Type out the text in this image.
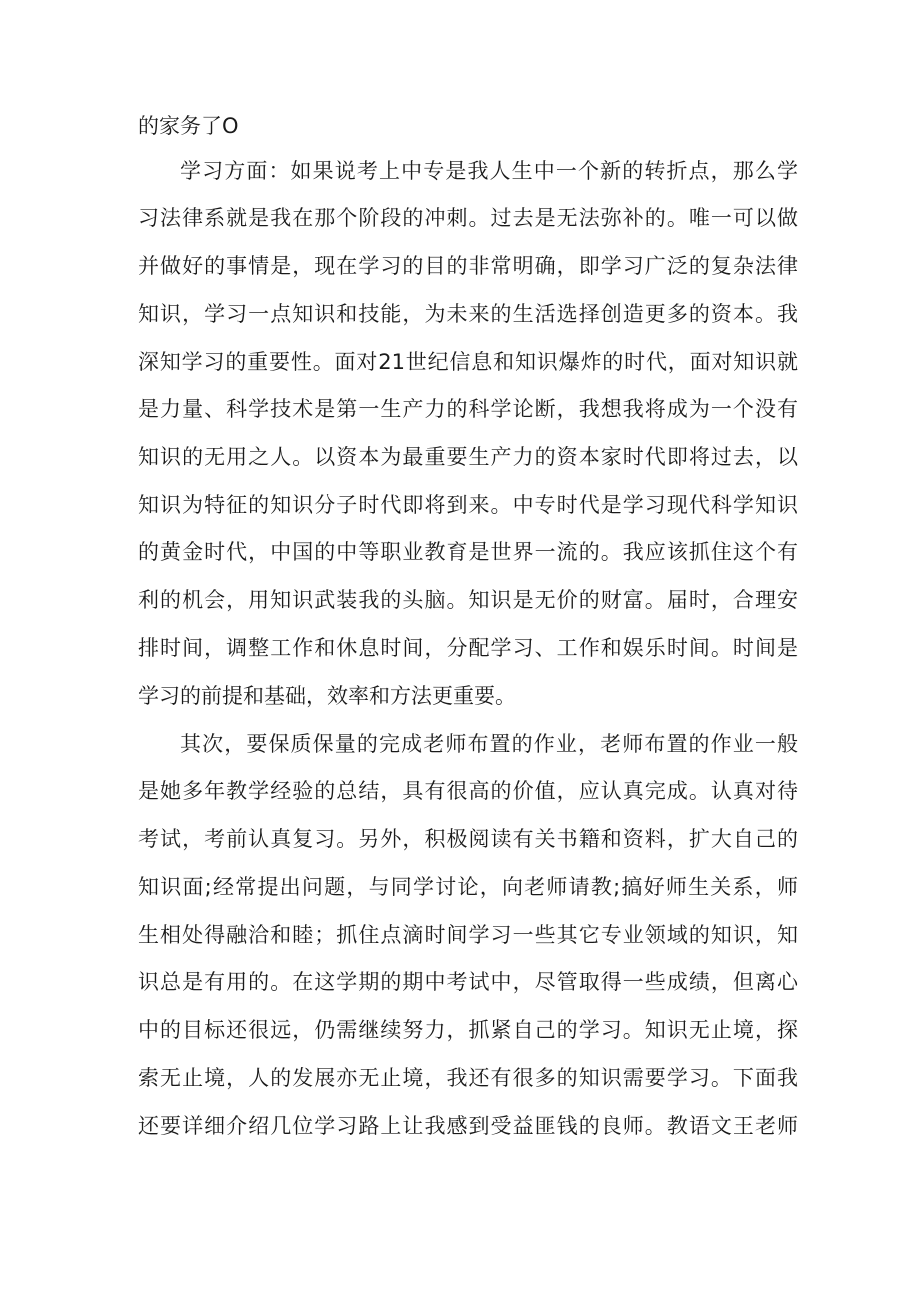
的家务了O
学习方面：如果说考上中专是我人生中一个新的转折点，那么学
习法律系就是我在那个阶段的冲刺。过去是无法弥补的。唯一可以做
并做好的事情是，现在学习的目的非常明确，即学习广泛的复杂法律
知识，学习一点知识和技能，为未来的生活选择创造更多的资本。我
深知学习的重要性。面对21世纪信息和知识爆炸的时代，面对知识就
是力量、科学技术是第一生产力的科学论断，我想我将成为一个没有
知识的无用之人。以资本为最重要生产力的资本家时代即将过去，以
知识为特征的知识分子时代即将到来。中专时代是学习现代科学知识
的黄金时代，中国的中等职业教育是世界一流的。我应该抓住这个有
利的机会，用知识武装我的头脑。知识是无价的财富。届时，合理安
排时间，调整工作和休息时间，分配学习、工作和娱乐时间。时间是
学习的前提和基础，效率和方法更重要。
其次，要保质保量的完成老师布置的作业，老师布置的作业一般
是她多年教学经验的总结，具有很高的价值，应认真完成。认真对待
考试，考前认真复习。另外，积极阅读有关书籍和资料，扩大自己的
知识面;经常提出问题，与同学讨论，向老师请教;搞好师生关系，师
生相处得融洽和睦；抓住点滴时间学习一些其它专业领域的知识，知
识总是有用的。在这学期的期中考试中，尽管取得一些成绩，但离心
中的目标还很远，仍需继续努力，抓紧自己的学习。知识无止境，探
索无止境，人的发展亦无止境，我还有很多的知识需要学习。下面我
还要详细介绍几位学习路上让我感到受益匪钱的良师。教语文王老师
